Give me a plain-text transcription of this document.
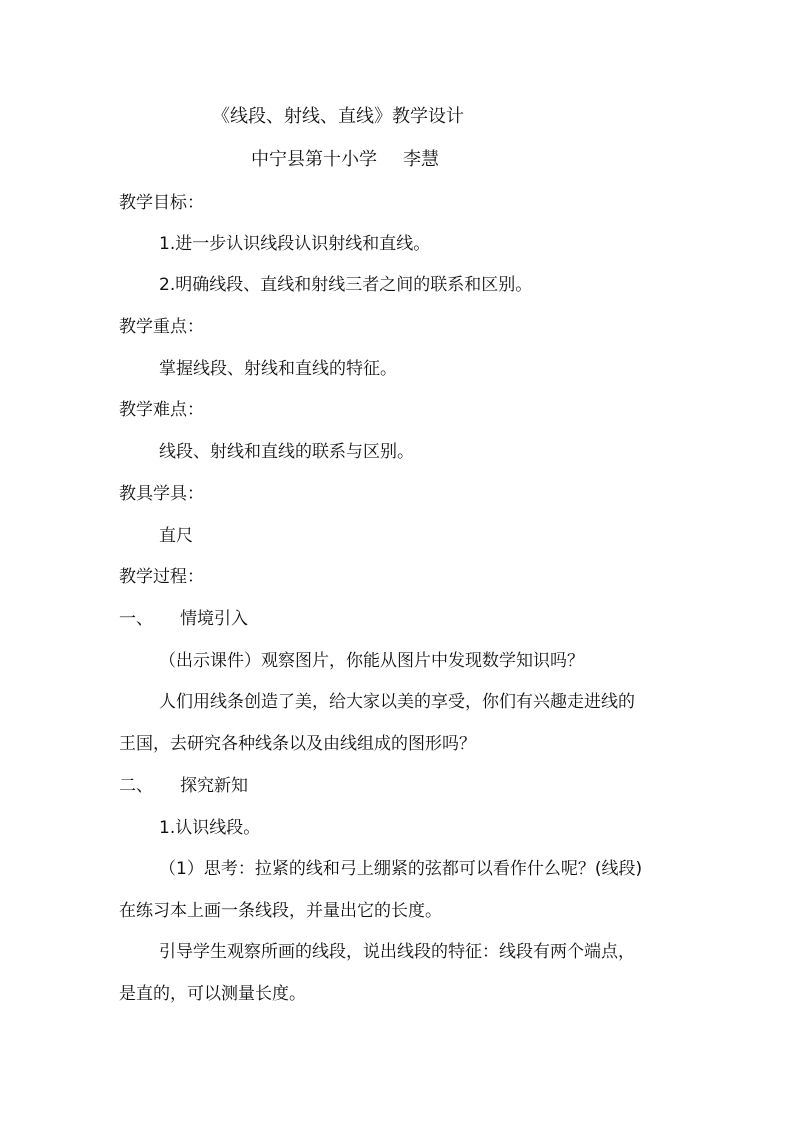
《线段、射线、直线》教学设计
中宁县第十小学 李慧
教学目标：
1.进一步认识线段认识射线和直线。
2.明确线段、直线和射线三者之间的联系和区别。
教学重点：
掌握线段、射线和直线的特征。
教学难点：
线段、射线和直线的联系与区别。
教具学具：
直尺
教学过程：
一、 情境引入
（出示课件）观察图片，你能从图片中发现数学知识吗？
人们用线条创造了美，给大家以美的享受，你们有兴趣走进线的
王国，去研究各种线条以及由线组成的图形吗？
二、 探究新知
1.认识线段。
（1）思考：拉紧的线和弓上绷紧的弦都可以看作什么呢？(线段)
在练习本上画一条线段，并量出它的长度。
引导学生观察所画的线段，说出线段的特征：线段有两个端点，
是直的，可以测量长度。
